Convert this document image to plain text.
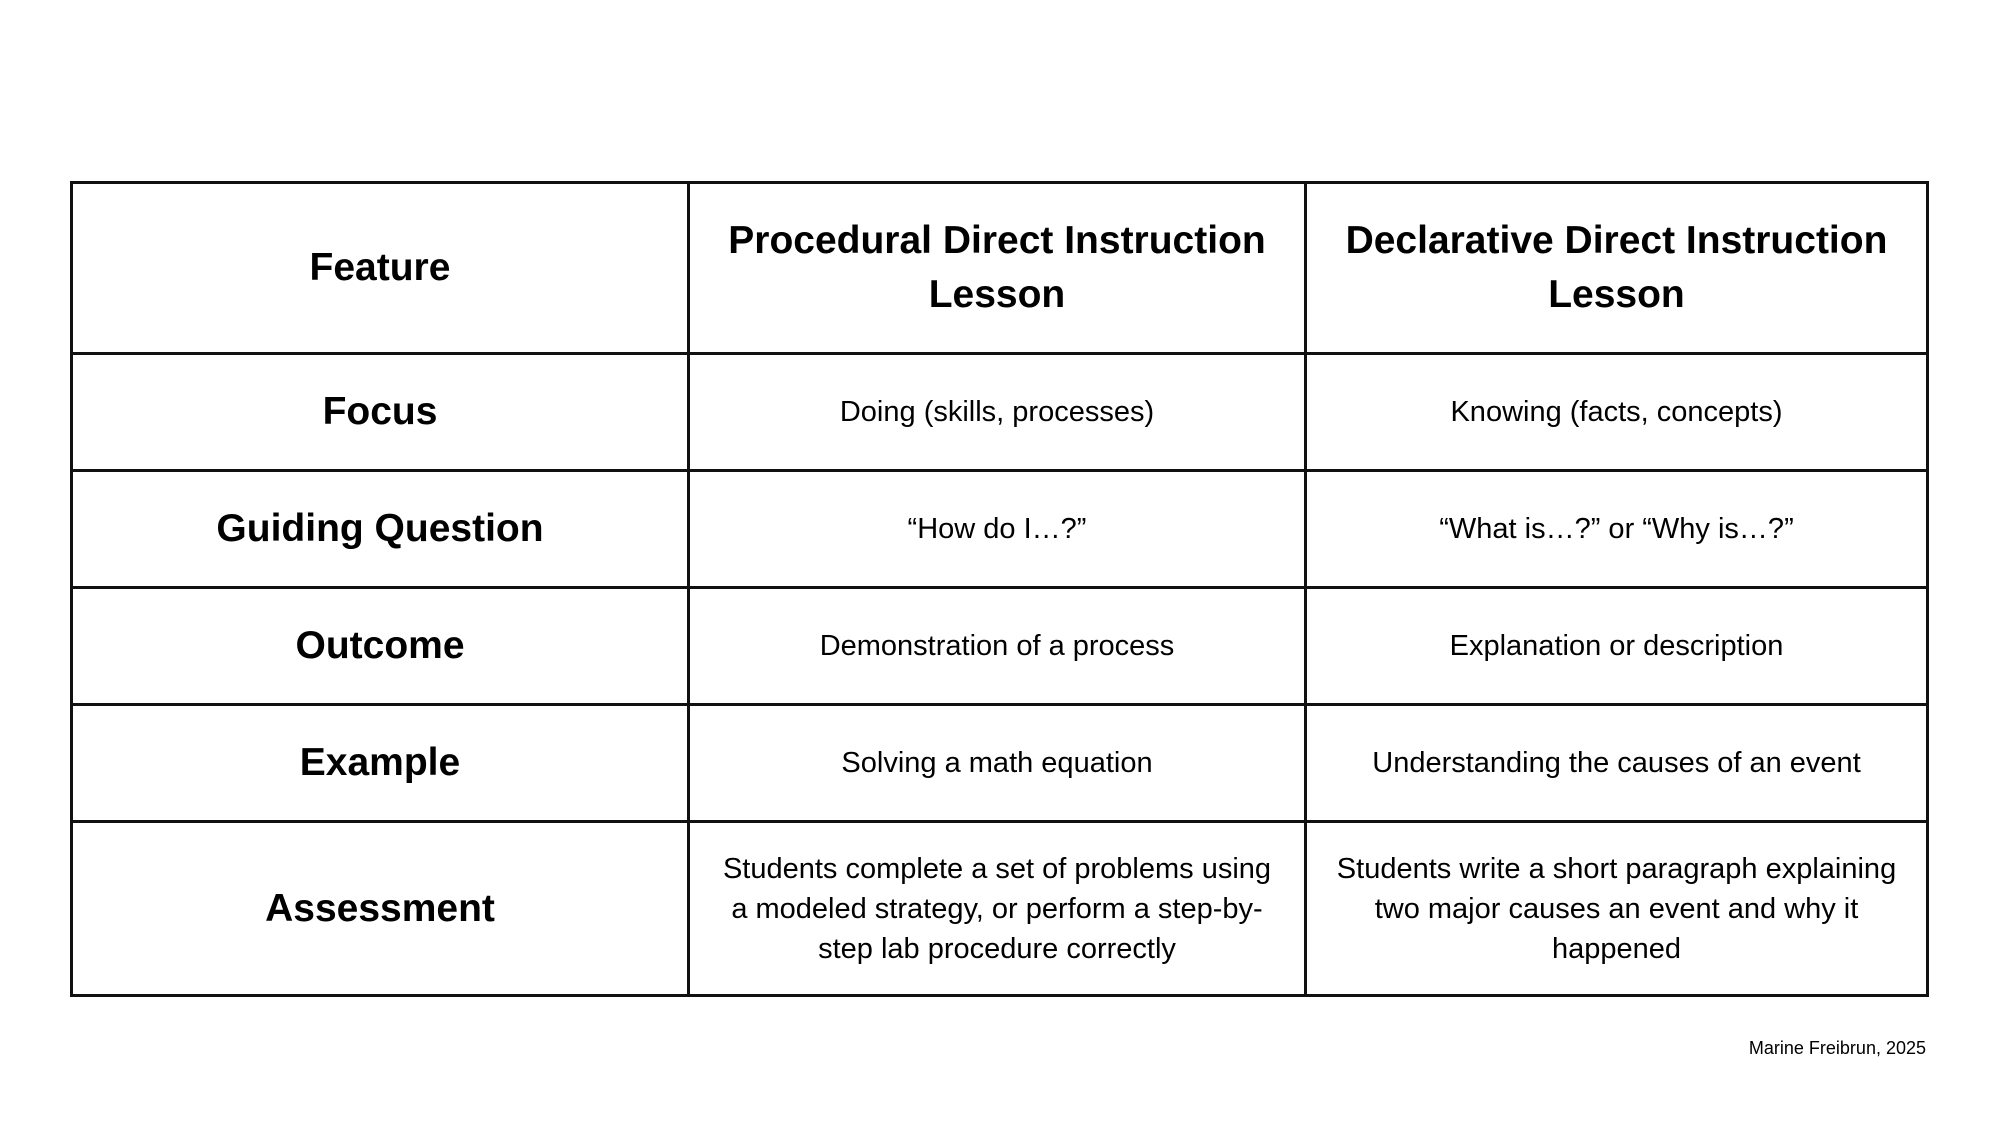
Feature	Procedural Direct Instruction Lesson	Declarative Direct Instruction Lesson
Focus	Doing (skills, processes)	Knowing (facts, concepts)
Guiding Question	“How do I…?”	“What is…?” or “Why is…?”
Outcome	Demonstration of a process	Explanation or description
Example	Solving a math equation	Understanding the causes of an event
Assessment	Students complete a set of problems using a modeled strategy, or perform a step-by-step lab procedure correctly	Students write a short paragraph explaining two major causes an event and why it happened
Marine Freibrun, 2025
